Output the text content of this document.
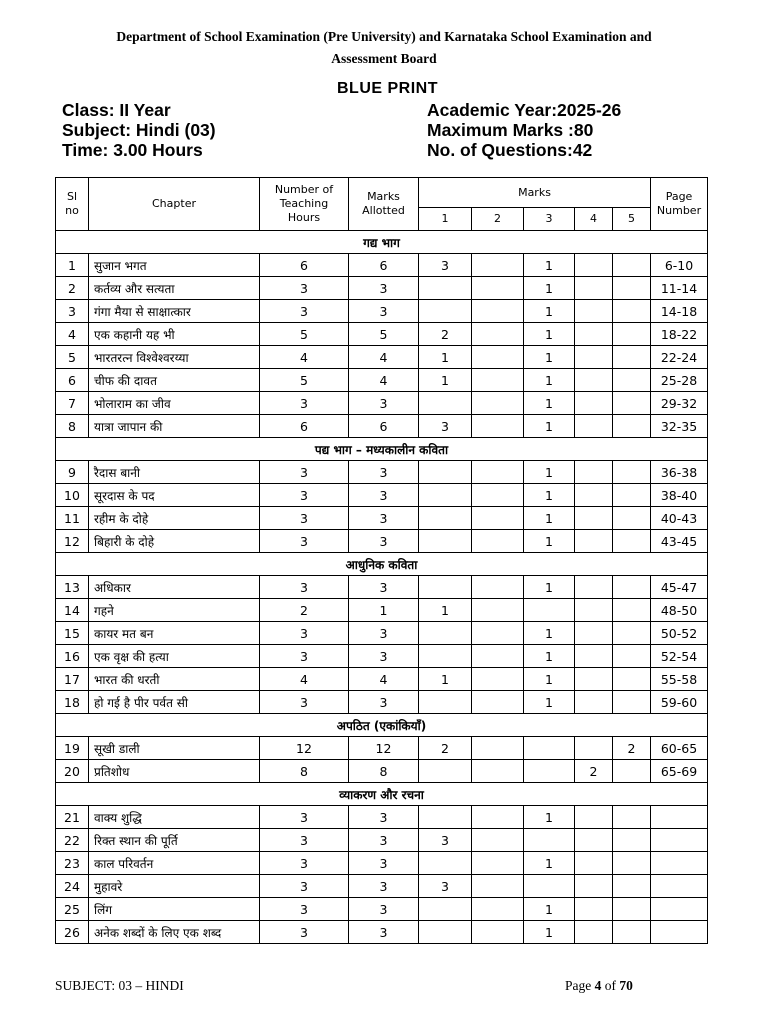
Department of School Examination (Pre University) and Karnataka School Examination and
Assessment Board
BLUE PRINT
Class: II Year
Subject: Hindi (03)
Time: 3.00 Hours
Academic Year:2025-26
Maximum Marks :80
No. of Questions:42
Sl no	Chapter	Number of Teaching Hours	Marks Allotted	Marks					Page Number
				1	2	3	4	5	
गद्य भाग									
1	सुजान भगत	6	6	3		1			6-10
2	कर्तव्य और सत्यता	3	3			1			11-14
3	गंगा मैया से साक्षात्कार	3	3			1			14-18
4	एक कहानी यह भी	5	5	2		1			18-22
5	भारतरत्न विश्वेश्वरय्या	4	4	1		1			22-24
6	चीफ की दावत	5	4	1		1			25-28
7	भोलाराम का जीव	3	3			1			29-32
8	यात्रा जापान की	6	6	3		1			32-35
पद्य भाग – मध्यकालीन कविता									
9	रैदास बानी	3	3			1			36-38
10	सूरदास के पद	3	3			1			38-40
11	रहीम के दोहे	3	3			1			40-43
12	बिहारी के दोहे	3	3			1			43-45
आधुनिक कविता									
13	अधिकार	3	3			1			45-47
14	गहने	2	1	1					48-50
15	कायर मत बन	3	3			1			50-52
16	एक वृक्ष की हत्या	3	3			1			52-54
17	भारत की धरती	4	4	1		1			55-58
18	हो गई है पीर पर्वत सी	3	3			1			59-60
अपठित (एकांकियाँ)									
19	सूखी डाली	12	12	2				2	60-65
20	प्रतिशोध	8	8				2		65-69
व्याकरण और रचना									
21	वाक्य शुद्धि	3	3			1			
22	रिक्त स्थान की पूर्ति	3	3	3					
23	काल परिवर्तन	3	3			1			
24	मुहावरे	3	3	3					
25	लिंग	3	3			1			
26	अनेक शब्दों के लिए एक शब्द	3	3			1			
SUBJECT: 03 – HINDI	Page 4 of 70
